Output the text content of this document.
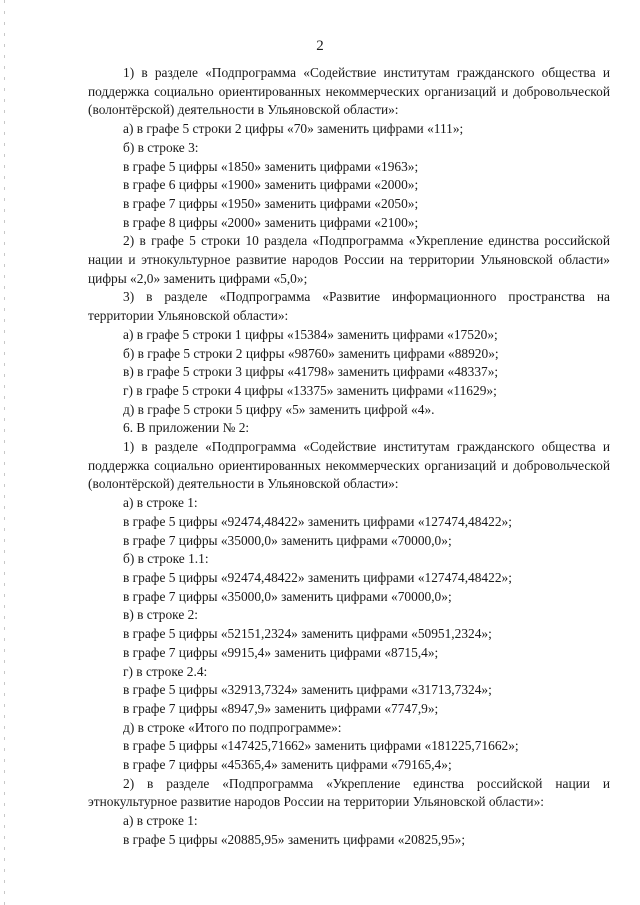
2

1) в разделе «Подпрограмма «Содействие институтам гражданского общества и поддержка социально ориентированных некоммерческих организаций и добровольческой (волонтёрской) деятельности в Ульяновской области»:

а) в графе 5 строки 2 цифры «70» заменить цифрами «111»;

б) в строке 3:

в графе 5 цифры «1850» заменить цифрами «1963»;

в графе 6 цифры «1900» заменить цифрами «2000»;

в графе 7 цифры «1950» заменить цифрами «2050»;

в графе 8 цифры «2000» заменить цифрами «2100»;

2) в графе 5 строки 10 раздела «Подпрограмма «Укрепление единства российской нации и этнокультурное развитие народов России на территории Ульяновской области» цифры «2,0» заменить цифрами «5,0»;

3) в разделе «Подпрограмма «Развитие информационного пространства на территории Ульяновской области»:

а) в графе 5 строки 1 цифры «15384» заменить цифрами «17520»;

б) в графе 5 строки 2 цифры «98760» заменить цифрами «88920»;

в) в графе 5 строки 3 цифры «41798» заменить цифрами «48337»;

г) в графе 5 строки 4 цифры «13375» заменить цифрами «11629»;

д) в графе 5 строки 5 цифру «5» заменить цифрой «4».

6. В приложении № 2:

1) в разделе «Подпрограмма «Содействие институтам гражданского общества и поддержка социально ориентированных некоммерческих организаций и добровольческой (волонтёрской) деятельности в Ульяновской области»:

а) в строке 1:

в графе 5 цифры «92474,48422» заменить цифрами «127474,48422»;

в графе 7 цифры «35000,0» заменить цифрами «70000,0»;

б) в строке 1.1:

в графе 5 цифры «92474,48422» заменить цифрами «127474,48422»;

в графе 7 цифры «35000,0» заменить цифрами «70000,0»;

в) в строке 2:

в графе 5 цифры «52151,2324» заменить цифрами «50951,2324»;

в графе 7 цифры «9915,4» заменить цифрами «8715,4»;

г) в строке 2.4:

в графе 5 цифры «32913,7324» заменить цифрами «31713,7324»;

в графе 7 цифры «8947,9» заменить цифрами «7747,9»;

д) в строке «Итого по подпрограмме»:

в графе 5 цифры «147425,71662» заменить цифрами «181225,71662»;

в графе 7 цифры «45365,4» заменить цифрами «79165,4»;

2) в разделе «Подпрограмма «Укрепление единства российской нации и этнокультурное развитие народов России на территории Ульяновской области»:

а) в строке 1:

в графе 5 цифры «20885,95» заменить цифрами «20825,95»;
